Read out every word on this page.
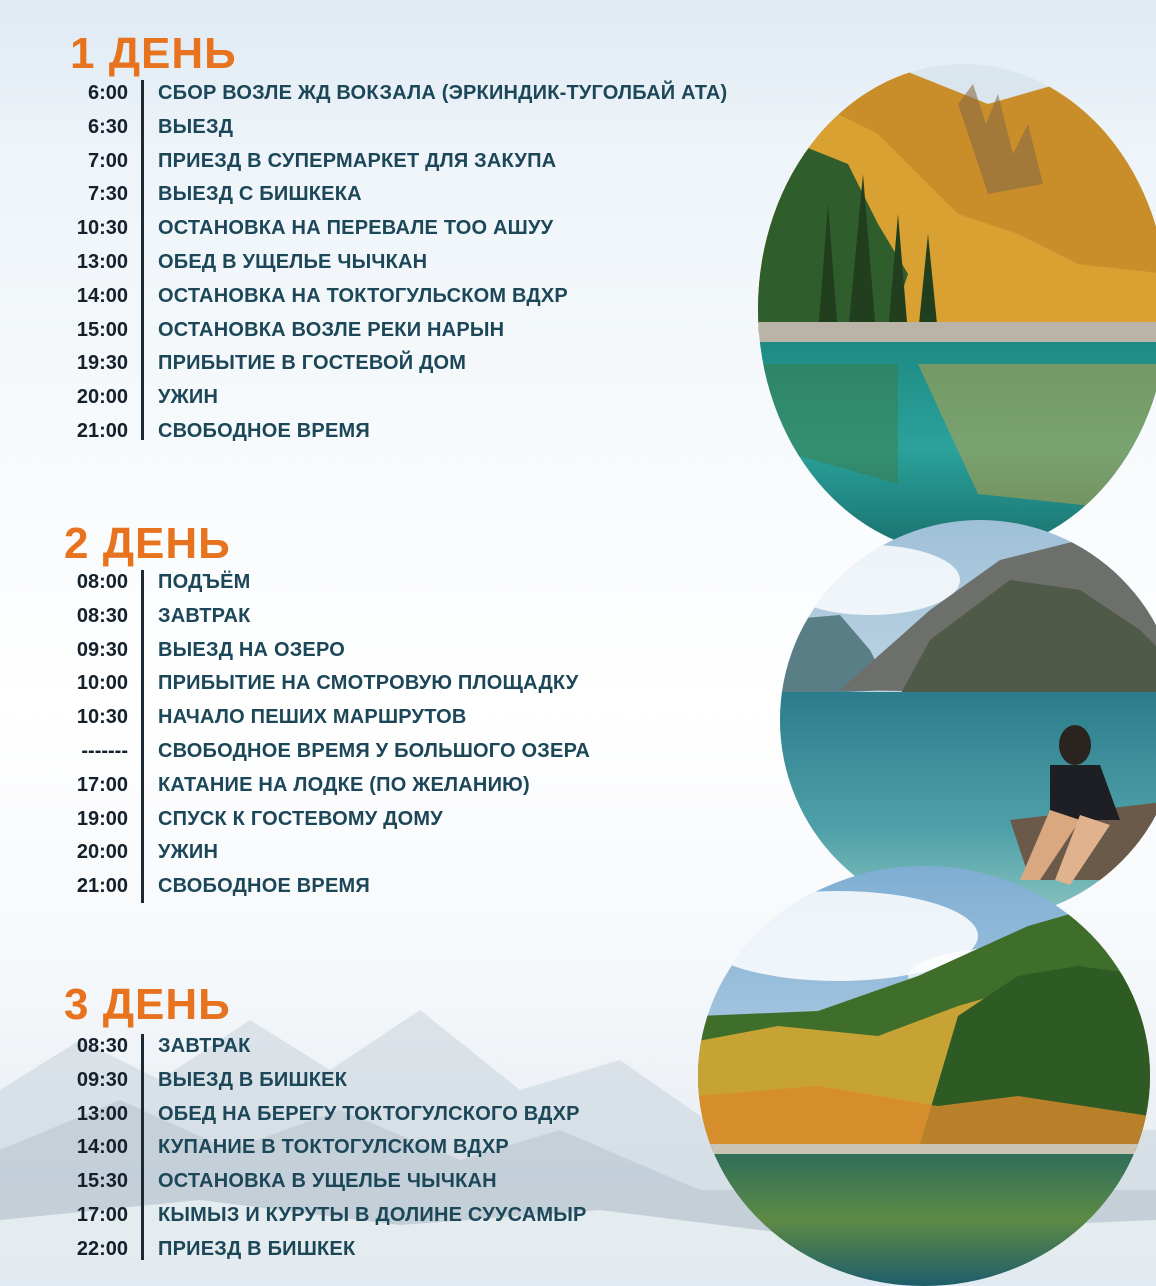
1 ДЕНЬ
6:00 СБОР ВОЗЛЕ ЖД ВОКЗАЛА (ЭРКИНДИК-ТУГОЛБАЙ АТА)
6:30 ВЫЕЗД
7:00 ПРИЕЗД В СУПЕРМАРКЕТ ДЛЯ ЗАКУПА
7:30 ВЫЕЗД С БИШКЕКА
10:30 ОСТАНОВКА НА ПЕРЕВАЛЕ ТОО АШУУ
13:00 ОБЕД В УЩЕЛЬЕ ЧЫЧКАН
14:00 ОСТАНОВКА НА ТОКТОГУЛЬСКОМ ВДХР
15:00 ОСТАНОВКА ВОЗЛЕ РЕКИ НАРЫН
19:30 ПРИБЫТИЕ В ГОСТЕВОЙ ДОМ
20:00 УЖИН
21:00 СВОБОДНОЕ ВРЕМЯ
2 ДЕНЬ
08:00 ПОДЪЁМ
08:30 ЗАВТРАК
09:30 ВЫЕЗД НА ОЗЕРО
10:00 ПРИБЫТИЕ НА СМОТРОВУЮ ПЛОЩАДКУ
10:30 НАЧАЛО ПЕШИХ МАРШРУТОВ
------- СВОБОДНОЕ ВРЕМЯ У БОЛЬШОГО ОЗЕРА
17:00 КАТАНИЕ НА ЛОДКЕ (ПО ЖЕЛАНИЮ)
19:00 СПУСК К ГОСТЕВОМУ ДОМУ
20:00 УЖИН
21:00 СВОБОДНОЕ ВРЕМЯ
3 ДЕНЬ
08:30 ЗАВТРАК
09:30 ВЫЕЗД В БИШКЕК
13:00 ОБЕД НА БЕРЕГУ ТОКТОГУЛСКОГО ВДХР
14:00 КУПАНИЕ В ТОКТОГУЛСКОМ ВДХР
15:30 ОСТАНОВКА В УЩЕЛЬЕ ЧЫЧКАН
17:00 КЫМЫЗ И КУРУТЫ В ДОЛИНЕ СУУСАМЫР
22:00 ПРИЕЗД В БИШКЕК
